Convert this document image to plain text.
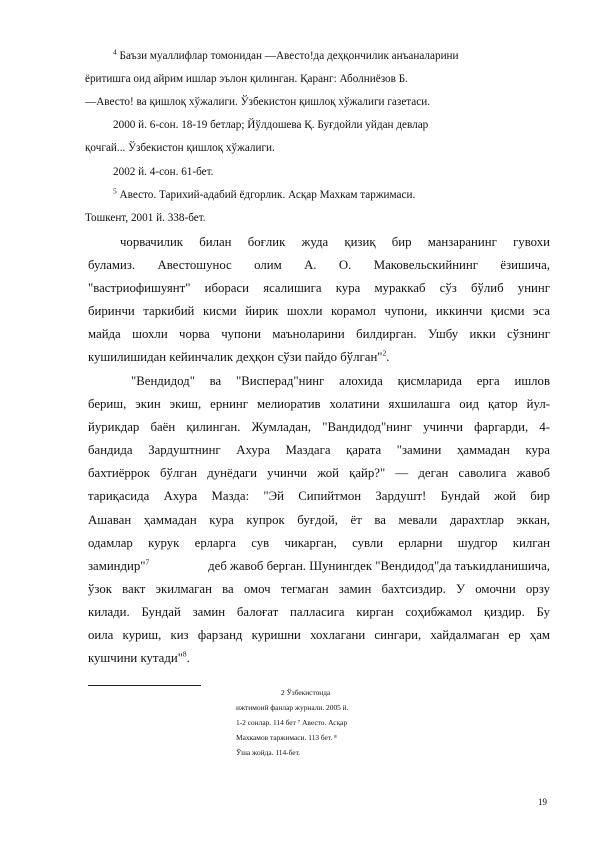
$^4$ Баъзи муаллифлар томонидан —Авесто!да деҳқончилик анъаналарини
ёритишга оид айрим ишлар эълон қилинган. Қаранг: Аболниёзов Б.
—Авесто! ва қишлоқ хўжалиги. Ўзбекистон қишлоқ хўжалиги газетаси.
2000 й. 6-сон. 18-19 бетлар; Йўлдошева Қ. Буғдойли уйдан девлар
қочгай... Ўзбекистон қишлоқ хўжалиги.
2002 й. 4-сон. 61-бет.
$^5$ Авесто. Тарихий-адабий ёдгорлик. Асқар Махкам таржимаси.
Тошкент, 2001 й. 338-бет.
чорвачилик билан боғлик жуда қизиқ бир манзаранинг гувохи
буламиз. Авестошунос олим А. О. Маковельскийнинг ёзишича,
"вастриофишуянт" ибораси ясалишига кура мураккаб сўз бўлиб унинг
биринчи таркибий кисми йирик шохли корамол чупони, иккинчи қисми эса
майда шохли чорва чупони маъноларини билдирган. Ушбу икки сўзнинг
кушилишидан кейинчалик деҳқон сўзи пайдо бўлган"$^2$.
"Вендидод" ва "Висперад"нинг алохида қисмларида ерга ишлов
бериш, экин экиш, ернинг мелиоратив холатини яхшилашга оид қатор йул-
йурикдар баён қилинган. Жумладан, "Вандидод"нинг учинчи фаргарди, 4-
бандида Зардуштнинг Ахура Маздага қарата "замини ҳаммадан кура
бахтиёррок бўлган дунёдаги учинчи жой қайр?" — деган саволига жавоб
тариқасида Ахура Мазда: "Эй Сипийтмон Зардушт! Бундай жой бир
Ашаван ҳаммадан кура купрок буғдой, ёт ва мевали дарахтлар эккан,
одамлар курук ерларга сув чикарган, сувли ерларни шудгор килган
заминдир"$^7$	деб жавоб берган. Шунингдек "Вендидод"да таъкидланишича,
ўзок вакт экилмаган ва омоч тегмаган замин бахтсиздир. У омочни орзу
килади. Бундай замин балоғат палласига кирган соҳибжамол қиздир. Бу
оила куриш, киз фарзанд куришни хохлагани сингари, хайдалмаган ер ҳам
кушчини кутади"$^8$.
2 Ўзбекистонда
ижтимоий фанлар журнали. 2005 й.
1-2 сонлар. 114 бет ⁷ Авесто. Асқар
Махкамов таржимаси. 113 бет. ⁸
Ўша жойда. 114-бет.
19
